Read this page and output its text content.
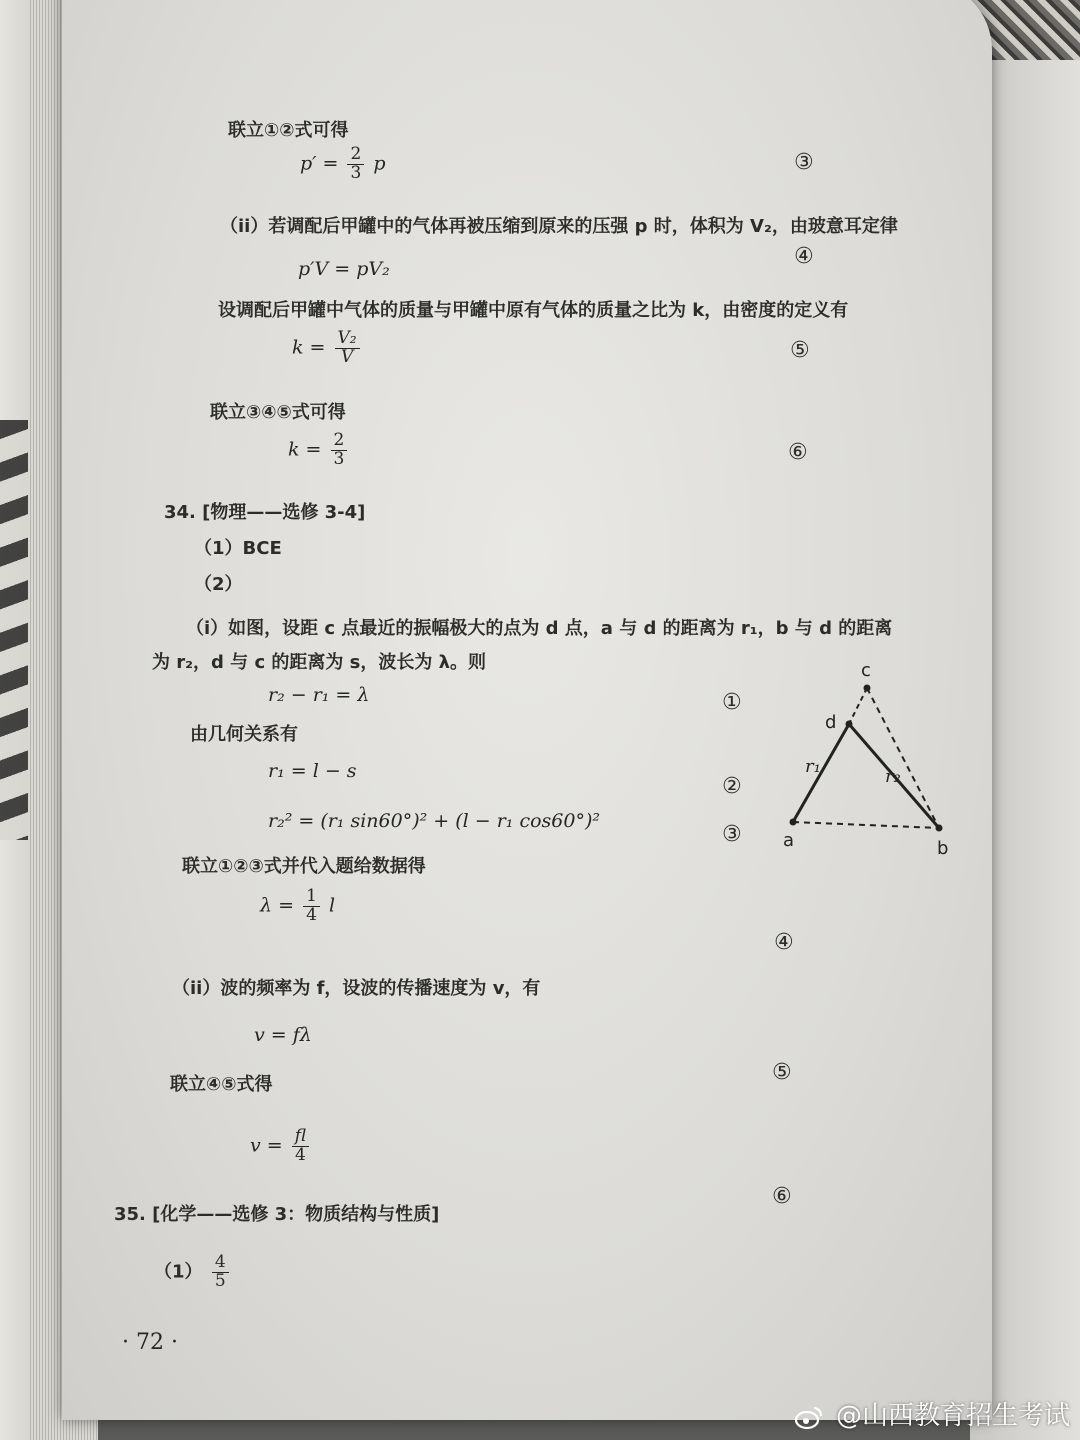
联立①②式可得
$p' = \frac{2}{3}$ p	③
（ii）若调配后甲罐中的气体再被压缩到原来的压强 p 时，体积为 V₂，由玻意耳定律
p′V = pV₂	④
设调配后甲罐中气体的质量与甲罐中原有气体的质量之比为 k，由密度的定义有
$k = \frac{\text{V₂}}{V}$	⑤
联立③④⑤式可得
$k = \frac{2}{3}$	⑥
34. [物理——选修 3-4]
（1）BCE
（2）
（i）如图，设距 c 点最近的振幅极大的点为 d 点，a 与 d 的距离为 r₁，b 与 d 的距离
为 r₂，d 与 c 的距离为 s，波长为 λ。则
r₂ − r₁ = λ	①
由几何关系有
r₁ = l − s
②
r₂² = (r₁ sin60°)² + (l − r₁ cos60°)²
③
联立①②③式并代入题给数据得
$\lambda = \frac{1}{4}$ l
④
（ii）波的频率为 f，设波的传播速度为 v，有
v = fλ
⑤
联立④⑤式得
$v = \frac{fl}{4}$
⑥
35. [化学——选修 3：物质结构与性质]
$(1) \frac{4}{5}$
· 72 ·
c
d
a	b
r₁	r₂
@山西教育招生考试
